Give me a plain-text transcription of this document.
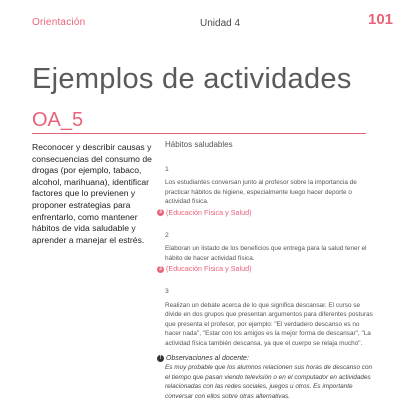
Orientación	Unidad 4	101
Ejemplos de actividades
OA_5

Reconocer y describir causas y consecuencias del consumo de drogas (por ejemplo, tabaco, alcohol, marihuana), identificar factores que lo previenen y proponer estrategias para enfrentarlo, como mantener hábitos de vida saludable y aprender a manejar el estrés.

Hábitos saludables

1

Los estudiantes conversan junto al profesor sobre la importancia de practicar hábitos de higiene, especialmente luego hacer deporte o actividad física.

3 (Educación Física y Salud)

2

Elaboran un listado de los beneficios que entrega para la salud tener el hábito de hacer actividad física.

3 (Educación Física y Salud)

3

Realizan un debate acerca de lo que significa descansar. El curso se divide en dos grupos que presentan argumentos para diferentes posturas que presenta el profesor, por ejemplo: "El verdadero descanso es no hacer nada", "Estar con los amigos es la mejor forma de descansar", "La actividad física también descansa, ya que el cuerpo se relaja mucho".

! Observaciones al docente:

Es muy probable que los alumnos relacionen sus horas de descanso con el tiempo que pasan viendo televisión o en el computador en actividades relacionadas con las redes sociales, juegos u otros. Es importante conversar con ellos sobre otras alternativas.
